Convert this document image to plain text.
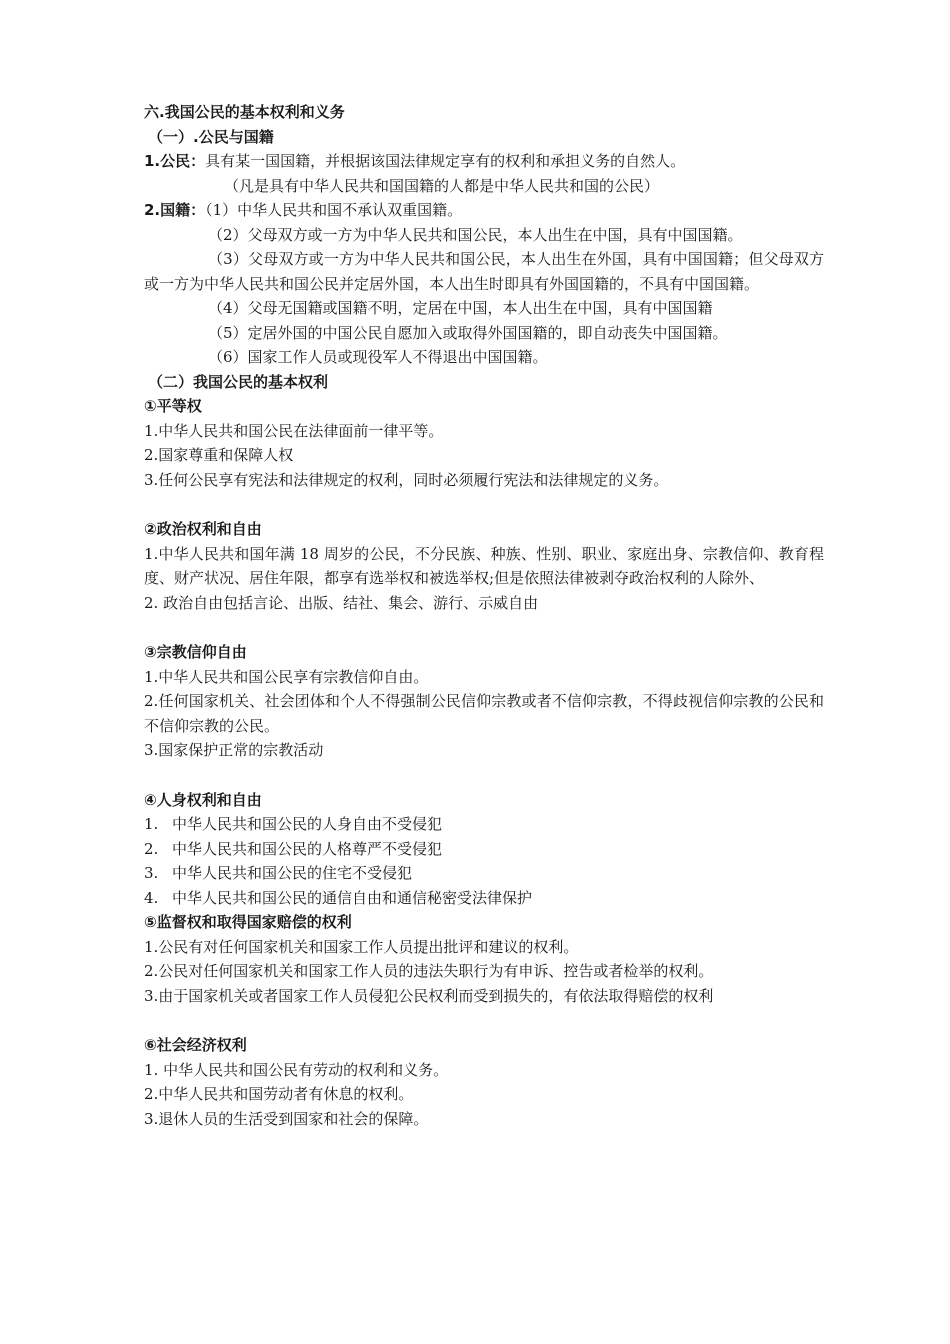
六.我国公民的基本权利和义务
（一）.公民与国籍
1.公民：具有某一国国籍，并根据该国法律规定享有的权利和承担义务的自然人。
（凡是具有中华人民共和国国籍的人都是中华人民共和国的公民）
2.国籍：（1）中华人民共和国不承认双重国籍。
（2）父母双方或一方为中华人民共和国公民，本人出生在中国，具有中国国籍。
（3）父母双方或一方为中华人民共和国公民，本人出生在外国，具有中国国籍；但父母双方或一方为中华人民共和国公民并定居外国，本人出生时即具有外国国籍的，不具有中国国籍。
（4）父母无国籍或国籍不明，定居在中国，本人出生在中国，具有中国国籍
（5）定居外国的中国公民自愿加入或取得外国国籍的，即自动丧失中国国籍。
（6）国家工作人员或现役军人不得退出中国国籍。
（二）我国公民的基本权利
①平等权
1.中华人民共和国公民在法律面前一律平等。
2.国家尊重和保障人权
3.任何公民享有宪法和法律规定的权利，同时必须履行宪法和法律规定的义务。
②政治权利和自由
1.中华人民共和国年满 18 周岁的公民，不分民族、种族、性别、职业、家庭出身、宗教信仰、教育程度、财产状况、居住年限，都享有选举权和被选举权;但是依照法律被剥夺政治权利的人除外、
2. 政治自由包括言论、出版、结社、集会、游行、示威自由
③宗教信仰自由
1.中华人民共和国公民享有宗教信仰自由。
2.任何国家机关、社会团体和个人不得强制公民信仰宗教或者不信仰宗教，不得歧视信仰宗教的公民和不信仰宗教的公民。
3.国家保护正常的宗教活动
④人身权利和自由
1. 中华人民共和国公民的人身自由不受侵犯
2. 中华人民共和国公民的人格尊严不受侵犯
3. 中华人民共和国公民的住宅不受侵犯
4. 中华人民共和国公民的通信自由和通信秘密受法律保护
⑤监督权和取得国家赔偿的权利
1.公民有对任何国家机关和国家工作人员提出批评和建议的权利。
2.公民对任何国家机关和国家工作人员的违法失职行为有申诉、控告或者检举的权利。
3.由于国家机关或者国家工作人员侵犯公民权利而受到损失的，有依法取得赔偿的权利
⑥社会经济权利
1. 中华人民共和国公民有劳动的权利和义务。
2.中华人民共和国劳动者有休息的权利。
3.退休人员的生活受到国家和社会的保障。
